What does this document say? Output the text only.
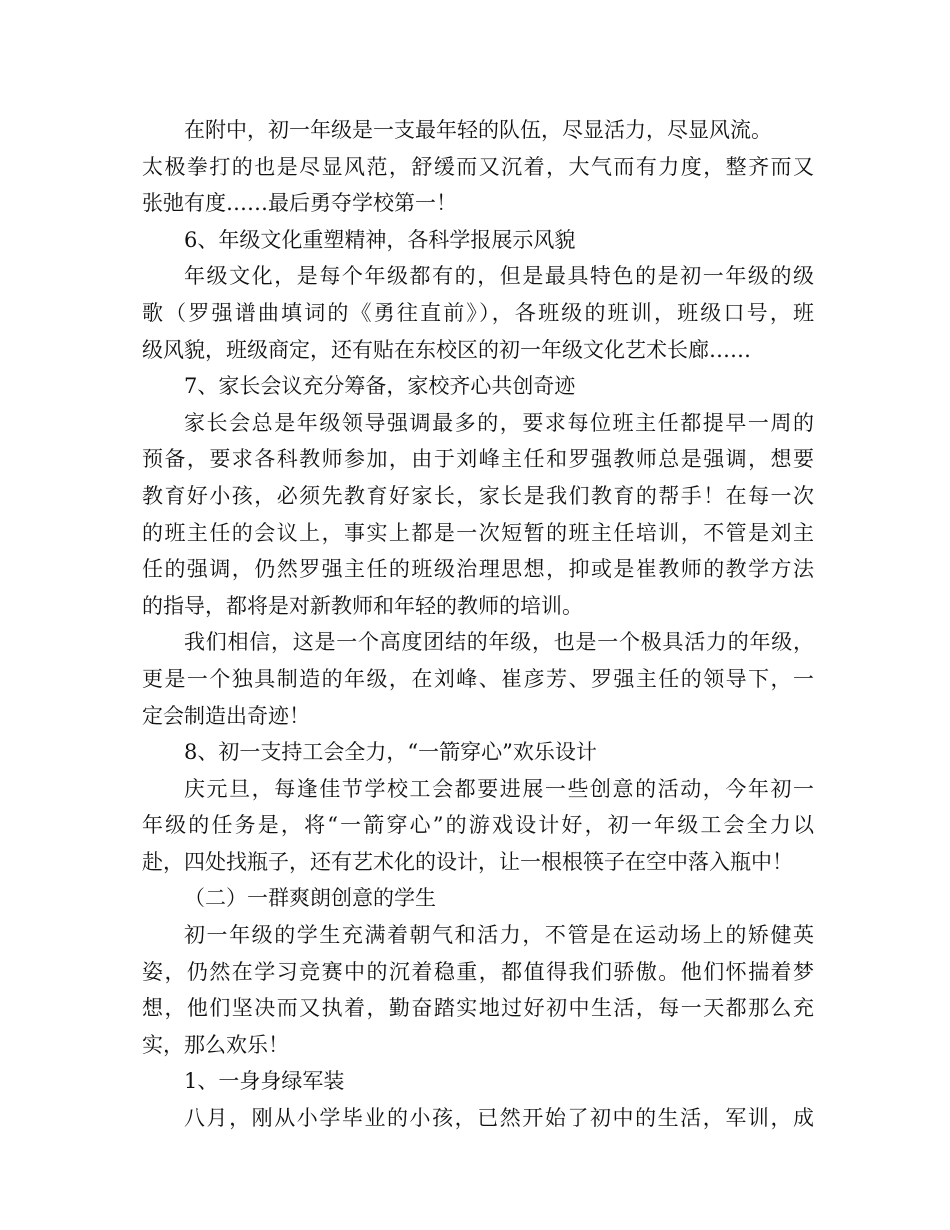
在附中，初一年级是一支最年轻的队伍，尽显活力，尽显风流。
太极拳打的也是尽显风范，舒缓而又沉着，大气而有力度，整齐而又
张弛有度……最后勇夺学校第一！
6、年级文化重塑精神，各科学报展示风貌
年级文化，是每个年级都有的，但是最具特色的是初一年级的级
歌（罗强谱曲填词的《勇往直前》），各班级的班训，班级口号，班
级风貌，班级商定，还有贴在东校区的初一年级文化艺术长廊……
7、家长会议充分筹备，家校齐心共创奇迹
家长会总是年级领导强调最多的，要求每位班主任都提早一周的
预备，要求各科教师参加，由于刘峰主任和罗强教师总是强调，想要
教育好小孩，必须先教育好家长，家长是我们教育的帮手！在每一次
的班主任的会议上，事实上都是一次短暂的班主任培训，不管是刘主
任的强调，仍然罗强主任的班级治理思想，抑或是崔教师的教学方法
的指导，都将是对新教师和年轻的教师的培训。
我们相信，这是一个高度团结的年级，也是一个极具活力的年级，
更是一个独具制造的年级，在刘峰、崔彦芳、罗强主任的领导下，一
定会制造出奇迹！
8、初一支持工会全力，“一箭穿心”欢乐设计
庆元旦，每逢佳节学校工会都要进展一些创意的活动，今年初一
年级的任务是，将“一箭穿心”的游戏设计好，初一年级工会全力以
赴，四处找瓶子，还有艺术化的设计，让一根根筷子在空中落入瓶中！
（二）一群爽朗创意的学生
初一年级的学生充满着朝气和活力，不管是在运动场上的矫健英
姿，仍然在学习竞赛中的沉着稳重，都值得我们骄傲。他们怀揣着梦
想，他们坚决而又执着，勤奋踏实地过好初中生活，每一天都那么充
实，那么欢乐！
1、一身身绿军装
八月，刚从小学毕业的小孩，已然开始了初中的生活，军训，成
